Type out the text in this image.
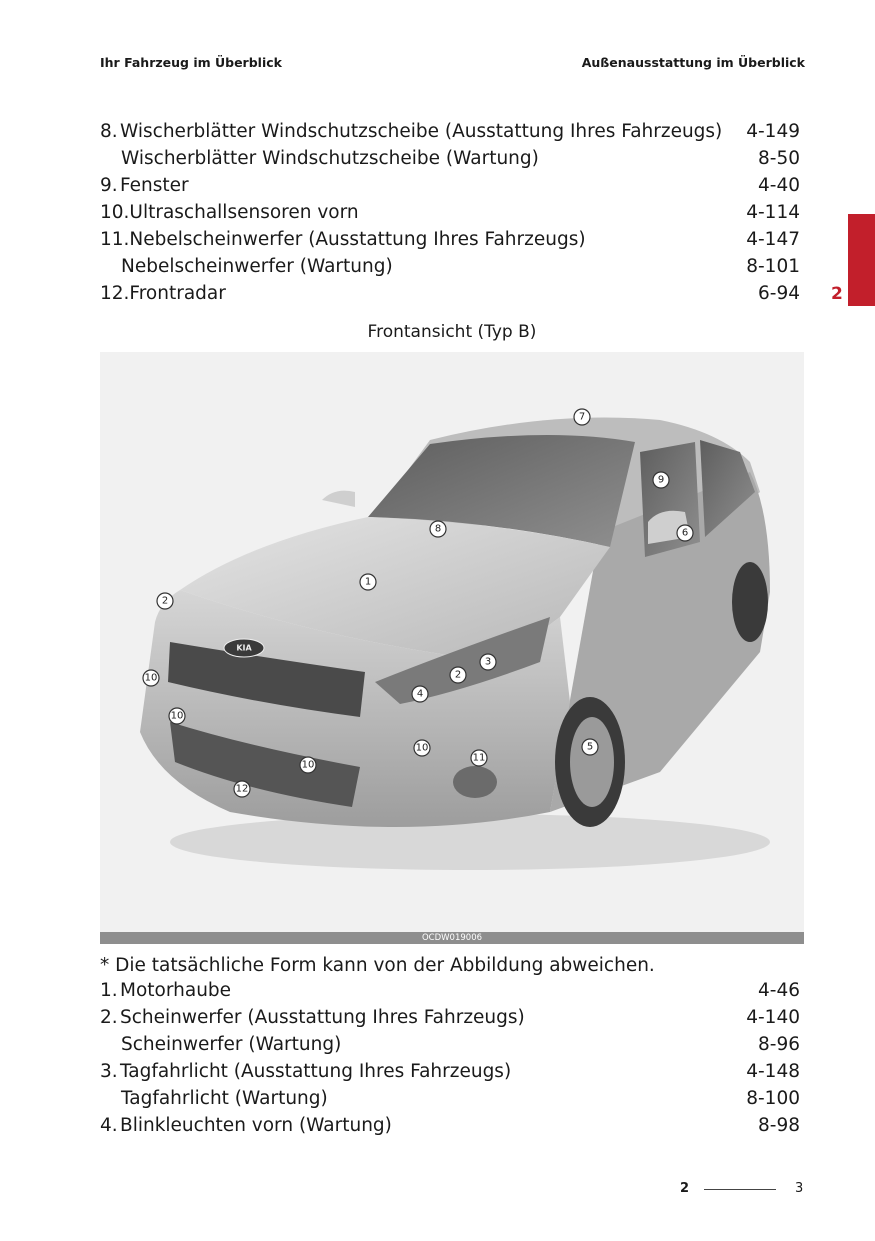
Ihr Fahrzeug im Überblick	Außenausstattung im Überblick
2
8. Wischerblätter Windschutzscheibe (Ausstattung Ihres Fahrzeugs) 4-149
Wischerblätter Windschutzscheibe (Wartung)	8-50
9. Fenster	4-40
10. Ultraschallsensoren vorn	4-114
11. Nebelscheinwerfer (Ausstattung Ihres Fahrzeugs)	4-147
Nebelscheinwerfer (Wartung)	8-101
12. Frontradar	6-94
Frontansicht (Typ B)
KIA
1
2
2
3
4
5
6
7
8
9
10
10
10
10
11
12
OCDW019006
* Die tatsächliche Form kann von der Abbildung abweichen.
1. Motorhaube	4-46
2. Scheinwerfer (Ausstattung Ihres Fahrzeugs)	4-140
Scheinwerfer (Wartung)	8-96
3. Tagfahrlicht (Ausstattung Ihres Fahrzeugs)	4-148
Tagfahrlicht (Wartung)	8-100
4. Blinkleuchten vorn (Wartung)	8-98
2	3
